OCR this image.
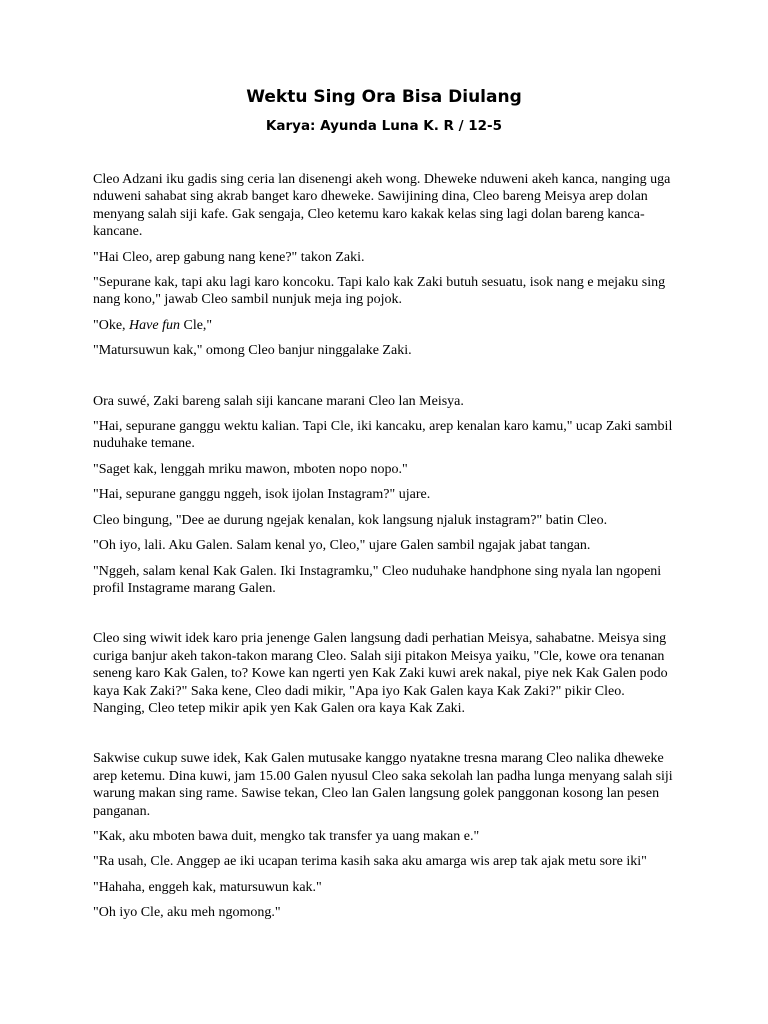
Wektu Sing Ora Bisa Diulang
Karya: Ayunda Luna K. R / 12-5

Cleo Adzani iku gadis sing ceria lan disenengi akeh wong. Dheweke nduweni akeh kanca, nanging uga nduweni sahabat sing akrab banget karo dheweke. Sawijining dina, Cleo bareng Meisya arep dolan menyang salah siji kafe. Gak sengaja, Cleo ketemu karo kakak kelas sing lagi dolan bareng kanca-kancane.

"Hai Cleo, arep gabung nang kene?" takon Zaki.

"Sepurane kak, tapi aku lagi karo koncoku. Tapi kalo kak Zaki butuh sesuatu, isok nang e mejaku sing nang kono," jawab Cleo sambil nunjuk meja ing pojok.

"Oke, Have fun Cle,"

"Matursuwun kak," omong Cleo banjur ninggalake Zaki.

Ora suwé, Zaki bareng salah siji kancane marani Cleo lan Meisya.

"Hai, sepurane ganggu wektu kalian. Tapi Cle, iki kancaku, arep kenalan karo kamu," ucap Zaki sambil nuduhake temane.

"Saget kak, lenggah mriku mawon, mboten nopo nopo."

"Hai, sepurane ganggu nggeh, isok ijolan Instagram?" ujare.

Cleo bingung, "Dee ae durung ngejak kenalan, kok langsung njaluk instagram?" batin Cleo.

"Oh iyo, lali. Aku Galen. Salam kenal yo, Cleo," ujare Galen sambil ngajak jabat tangan.

"Nggeh, salam kenal Kak Galen. Iki Instagramku," Cleo nuduhake handphone sing nyala lan ngopeni profil Instagrame marang Galen.

Cleo sing wiwit idek karo pria jenenge Galen langsung dadi perhatian Meisya, sahabatne. Meisya sing curiga banjur akeh takon-takon marang Cleo. Salah siji pitakon Meisya yaiku, "Cle, kowe ora tenanan seneng karo Kak Galen, to? Kowe kan ngerti yen Kak Zaki kuwi arek nakal, piye nek Kak Galen podo kaya Kak Zaki?" Saka kene, Cleo dadi mikir, "Apa iyo Kak Galen kaya Kak Zaki?" pikir Cleo. Nanging, Cleo tetep mikir apik yen Kak Galen ora kaya Kak Zaki.

Sakwise cukup suwe idek, Kak Galen mutusake kanggo nyatakne tresna marang Cleo nalika dheweke arep ketemu. Dina kuwi, jam 15.00 Galen nyusul Cleo saka sekolah lan padha lunga menyang salah siji warung makan sing rame. Sawise tekan, Cleo lan Galen langsung golek panggonan kosong lan pesen panganan.

"Kak, aku mboten bawa duit, mengko tak transfer ya uang makan e."

"Ra usah, Cle. Anggep ae iki ucapan terima kasih saka aku amarga wis arep tak ajak metu sore iki"

"Hahaha, enggeh kak, matursuwun kak."

"Oh iyo Cle, aku meh ngomong."
